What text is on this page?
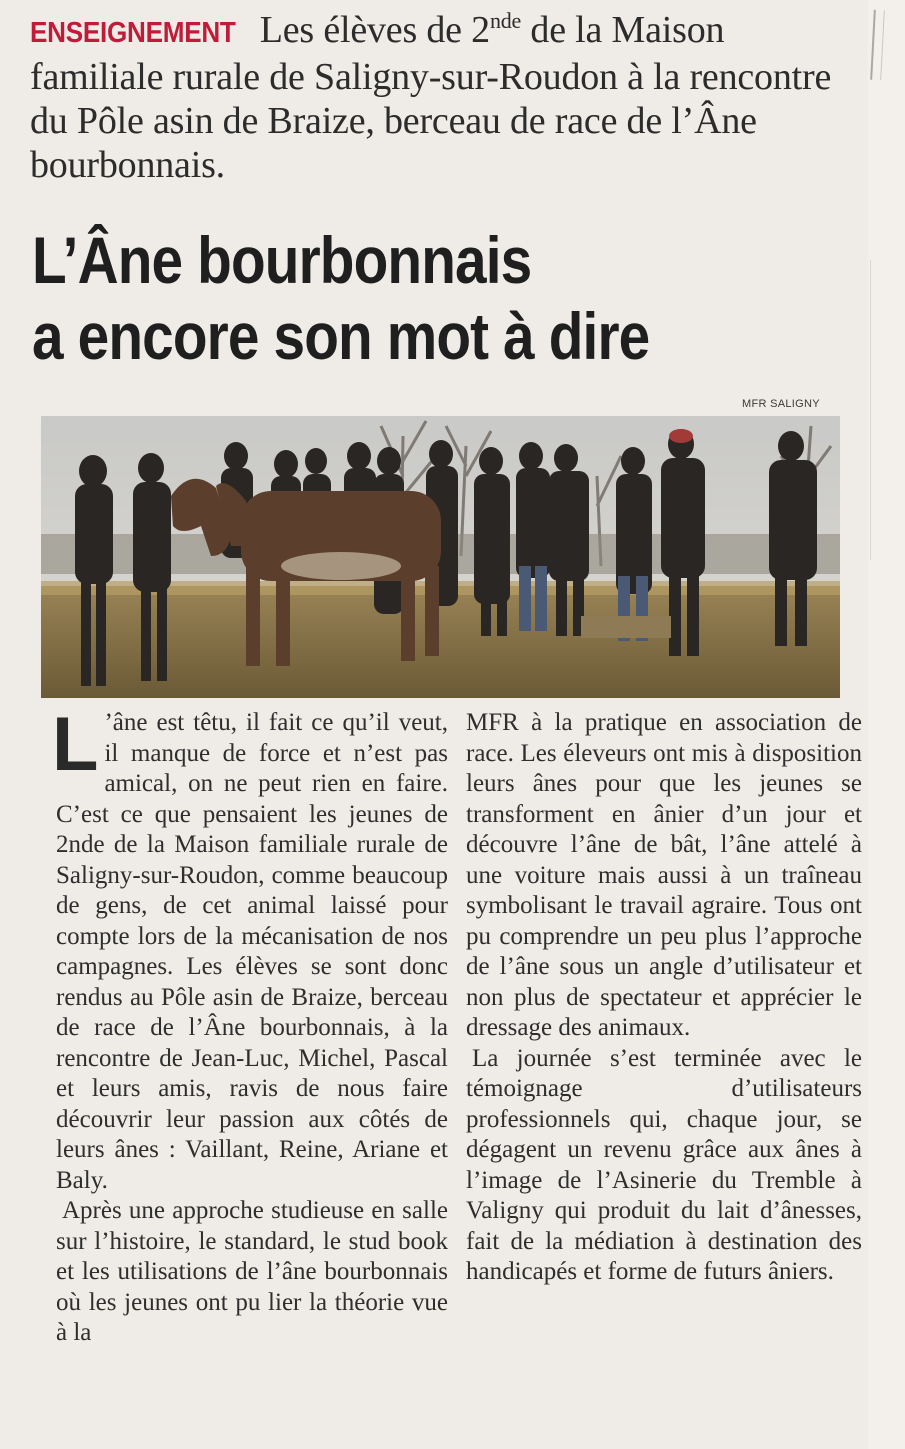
ENSEIGNEMENT Les élèves de 2nde de la Maison familiale rurale de Saligny-sur-Roudon à la rencontre du Pôle asin de Braize, berceau de race de l’Âne bourbonnais.
L’Âne bourbonnais
a encore son mot à dire
MFR SALIGNY

L ’âne est têtu, il fait ce qu’il veut, il manque de force et n’est pas amical, on ne peut rien en faire. C’est ce que pensaient les jeunes de 2nde de la Maison familiale rurale de Saligny-sur-Roudon, comme beaucoup de gens, de cet animal laissé pour compte lors de la mécanisation de nos campagnes. Les élèves se sont donc rendus au Pôle asin de Braize, berceau de race de l’Âne bourbonnais, à la rencontre de Jean-Luc, Michel, Pascal et leurs amis, ravis de nous faire découvrir leur passion aux côtés de leurs ânes : Vaillant, Reine, Ariane et Baly.

Après une approche studieuse en salle sur l’histoire, le standard, le stud book et les utilisations de l’âne bourbonnais où les jeunes ont pu lier la théorie vue à la

MFR à la pratique en association de race. Les éleveurs ont mis à disposition leurs ânes pour que les jeunes se transforment en ânier d’un jour et découvre l’âne de bât, l’âne attelé à une voiture mais aussi à un traîneau symbolisant le travail agraire. Tous ont pu comprendre un peu plus l’approche de l’âne sous un angle d’utilisateur et non plus de spectateur et apprécier le dressage des animaux.

La journée s’est terminée avec le témoignage d’utilisateurs professionnels qui, chaque jour, se dégagent un revenu grâce aux ânes à l’image de l’Asinerie du Tremble à Valigny qui produit du lait d’ânesses, fait de la médiation à destination des handicapés et forme de futurs âniers.
